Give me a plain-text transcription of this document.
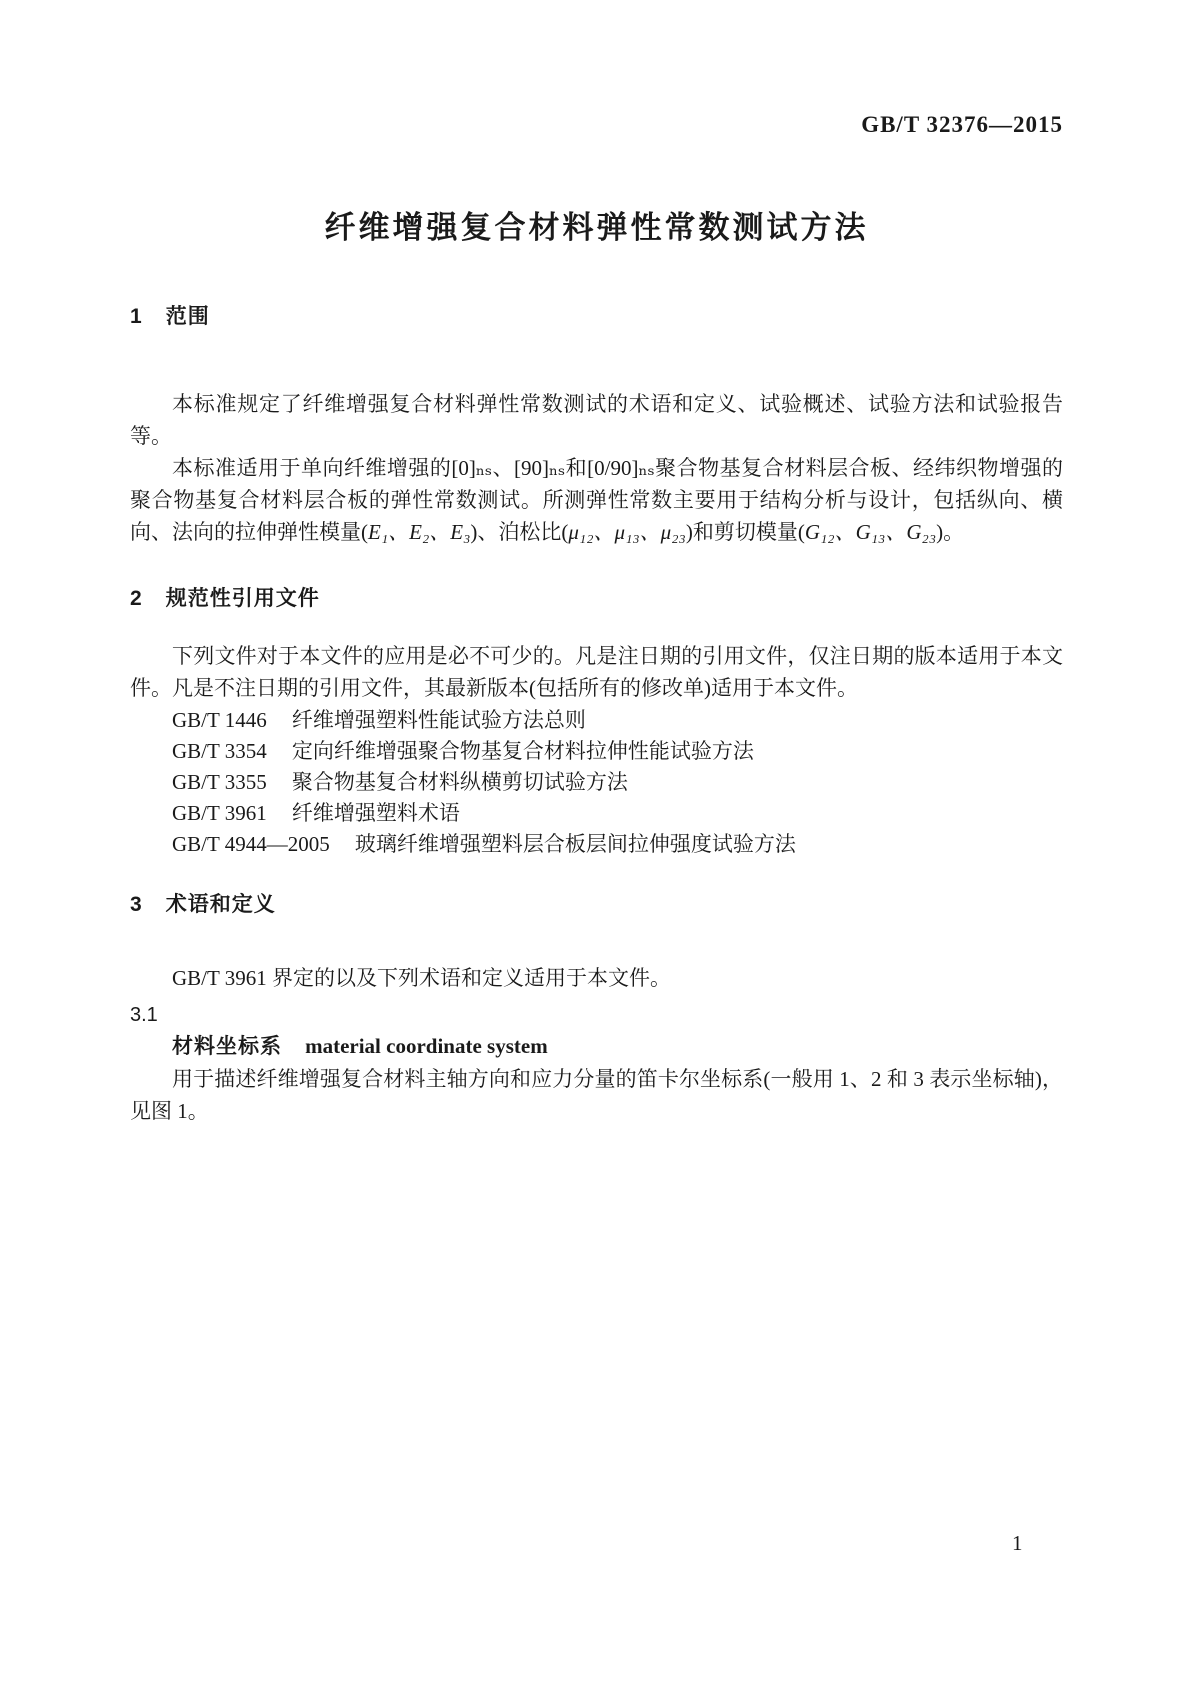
GB/T 32376—2015
纤维增强复合材料弹性常数测试方法
1 范围

本标准规定了纤维增强复合材料弹性常数测试的术语和定义、试验概述、试验方法和试验报告等。

本标准适用于单向纤维增强的[0]ₙₛ、[90]ₙₛ和[0/90]ₙₛ聚合物基复合材料层合板、经纬织物增强的聚合物基复合材料层合板的弹性常数测试。所测弹性常数主要用于结构分析与设计，包括纵向、横向、法向的拉伸弹性模量(E₁、E₂、E₃)、泊松比(μ₁₂、μ₁₃、μ₂₃)和剪切模量(G₁₂、G₁₃、G₂₃)。

2 规范性引用文件

下列文件对于本文件的应用是必不可少的。凡是注日期的引用文件，仅注日期的版本适用于本文件。凡是不注日期的引用文件，其最新版本(包括所有的修改单)适用于本文件。

GB/T 1446 纤维增强塑料性能试验方法总则
GB/T 3354 定向纤维增强聚合物基复合材料拉伸性能试验方法
GB/T 3355 聚合物基复合材料纵横剪切试验方法
GB/T 3961 纤维增强塑料术语
GB/T 4944—2005 玻璃纤维增强塑料层合板层间拉伸强度试验方法
3 术语和定义

GB/T 3961 界定的以及下列术语和定义适用于本文件。

3.1
材料坐标系 material coordinate system

用于描述纤维增强复合材料主轴方向和应力分量的笛卡尔坐标系(一般用 1、2 和 3 表示坐标轴)，见图 1。

1
